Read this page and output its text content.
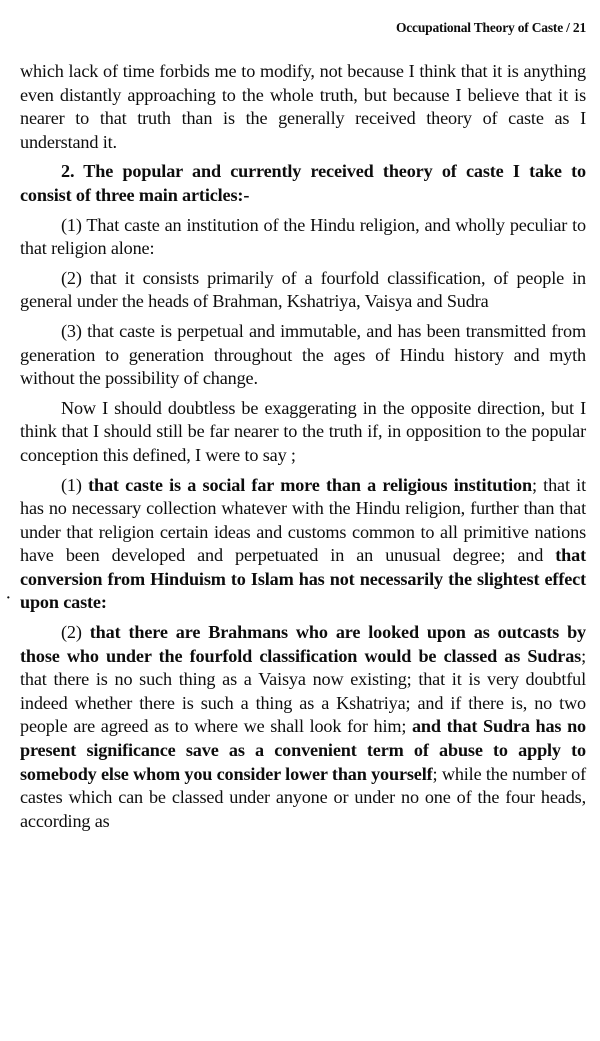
Occupational Theory of Caste / 21

which lack of time forbids me to modify, not because I think that it is anything even distantly approaching to the whole truth, but because I believe that it is nearer to that truth than is the generally received theory of caste as I understand it.

2. The popular and currently received theory of caste I take to consist of three main articles:-

(1) That caste an institution of the Hindu religion, and wholly peculiar to that religion alone:

(2) that it consists primarily of a fourfold classification, of people in general under the heads of Brahman, Kshatriya, Vaisya and Sudra

(3) that caste is perpetual and immutable, and has been transmitted from generation to generation throughout the ages of Hindu history and myth without the possibility of change.

Now I should doubtless be exaggerating in the opposite direction, but I think that I should still be far nearer to the truth if, in opposition to the popular conception this defined, I were to say ;

(1) that caste is a social far more than a religious institution; that it has no necessary collection whatever with the Hindu religion, further than that under that religion certain ideas and customs common to all primitive nations have been developed and perpetuated in an unusual degree; and that conversion from Hinduism to Islam has not necessarily the slightest effect upon caste:

(2) that there are Brahmans who are looked upon as outcasts by those who under the fourfold classification would be classed as Sudras; that there is no such thing as a Vaisya now existing; that it is very doubtful indeed whether there is such a thing as a Kshatriya; and if there is, no two people are agreed as to where we shall look for him; and that Sudra has no present significance save as a convenient term of abuse to apply to somebody else whom you consider lower than yourself; while the number of castes which can be classed under anyone or under no one of the four heads, according as

·
